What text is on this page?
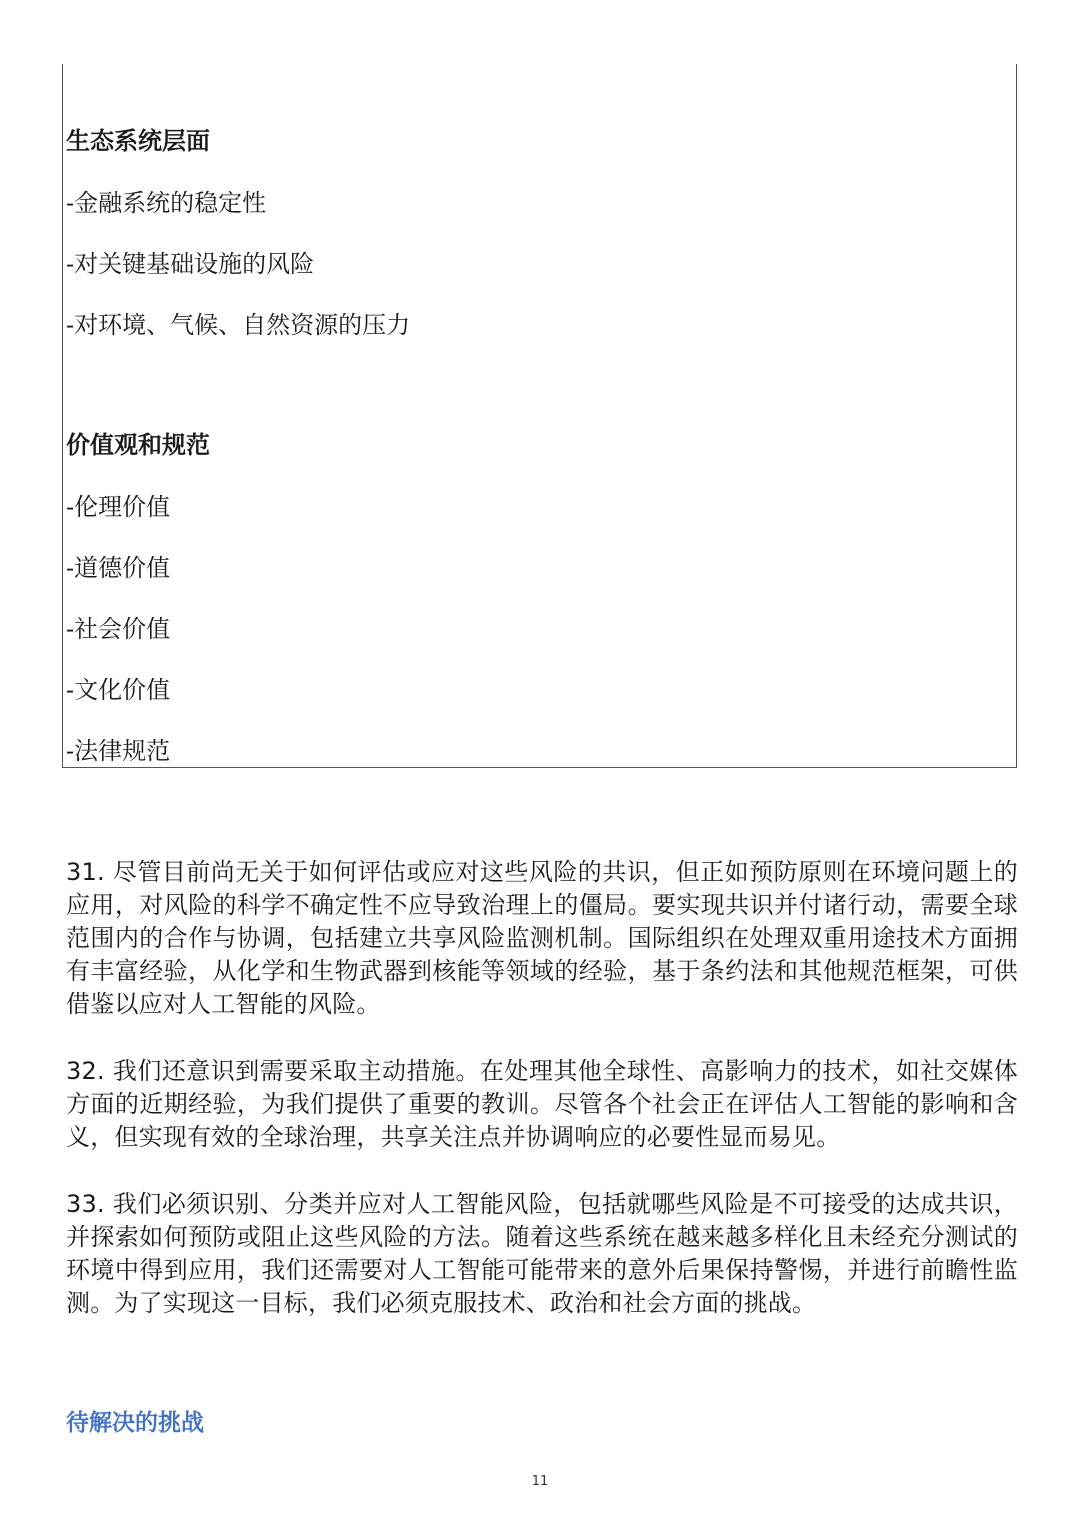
生态系统层面
-金融系统的稳定性
-对关键基础设施的风险
-对环境、气候、自然资源的压力
价值观和规范
-伦理价值
-道德价值
-社会价值
-文化价值
-法律规范

31. 尽管目前尚无关于如何评估或应对这些风险的共识，但正如预防原则在环境问题上的应用，对风险的科学不确定性不应导致治理上的僵局。要实现共识并付诸行动，需要全球范围内的合作与协调，包括建立共享风险监测机制。国际组织在处理双重用途技术方面拥有丰富经验，从化学和生物武器到核能等领域的经验，基于条约法和其他规范框架，可供借鉴以应对人工智能的风险。

32. 我们还意识到需要采取主动措施。在处理其他全球性、高影响力的技术，如社交媒体方面的近期经验，为我们提供了重要的教训。尽管各个社会正在评估人工智能的影响和含义，但实现有效的全球治理，共享关注点并协调响应的必要性显而易见。

33. 我们必须识别、分类并应对人工智能风险，包括就哪些风险是不可接受的达成共识，并探索如何预防或阻止这些风险的方法。随着这些系统在越来越多样化且未经充分测试的环境中得到应用，我们还需要对人工智能可能带来的意外后果保持警惕，并进行前瞻性监测。为了实现这一目标，我们必须克服技术、政治和社会方面的挑战。

待解决的挑战
11
